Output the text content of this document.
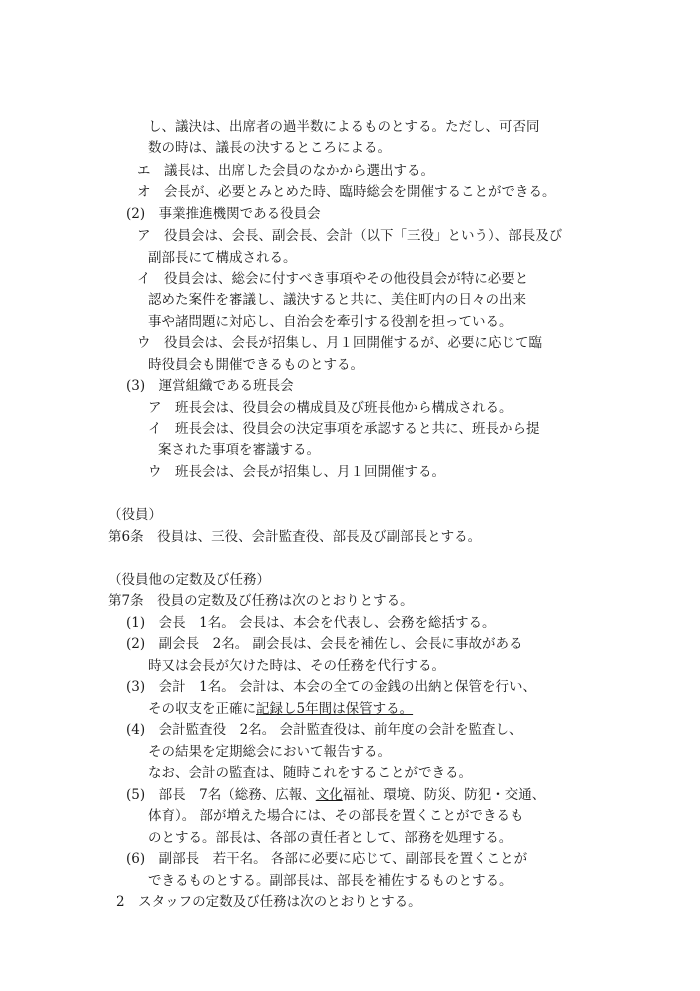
し、議決は、出席者の過半数によるものとする。ただし、可否同
数の時は、議長の決するところによる。
エ　議長は、出席した会員のなかから選出する。
オ　会長が、必要とみとめた時、臨時総会を開催することができる。
(2)　事業推進機関である役員会
ア　役員会は、会長、副会長、会計（以下「三役」という）、部長及び
副部長にて構成される。
イ　役員会は、総会に付すべき事項やその他役員会が特に必要と
認めた案件を審議し、議決すると共に、美住町内の日々の出来
事や諸問題に対応し、自治会を牽引する役割を担っている。
ウ　役員会は、会長が招集し、月１回開催するが、必要に応じて臨
時役員会も開催できるものとする。
(3)　運営組織である班長会
ア　班長会は、役員会の構成員及び班長他から構成される。
イ　班長会は、役員会の決定事項を承認すると共に、班長から提
案された事項を審議する。
ウ　班長会は、会長が招集し、月１回開催する。
（役員）
第6条　役員は、三役、会計監査役、部長及び副部長とする。
（役員他の定数及び任務）
第7条　役員の定数及び任務は次のとおりとする。
(1)　会長　1名。 会長は、本会を代表し、会務を総括する。
(2)　副会長　2名。 副会長は、会長を補佐し、会長に事故がある
時又は会長が欠けた時は、その任務を代行する。
(3)　会計　1名。 会計は、本会の全ての金銭の出納と保管を行い、
その収支を正確に記録し5年間は保管する。
(4)　会計監査役　2名。 会計監査役は、前年度の会計を監査し、
その結果を定期総会において報告する。
なお、会計の監査は、随時これをすることができる。
(5)　部長　7名（総務、広報、文化福祉、環境、防災、防犯・交通、
体育）。 部が増えた場合には、その部長を置くことができるも
のとする。部長は、各部の責任者として、部務を処理する。
(6)　副部長　若干名。 各部に必要に応じて、副部長を置くことが
できるものとする。副部長は、部長を補佐するものとする。
2　スタッフの定数及び任務は次のとおりとする。
